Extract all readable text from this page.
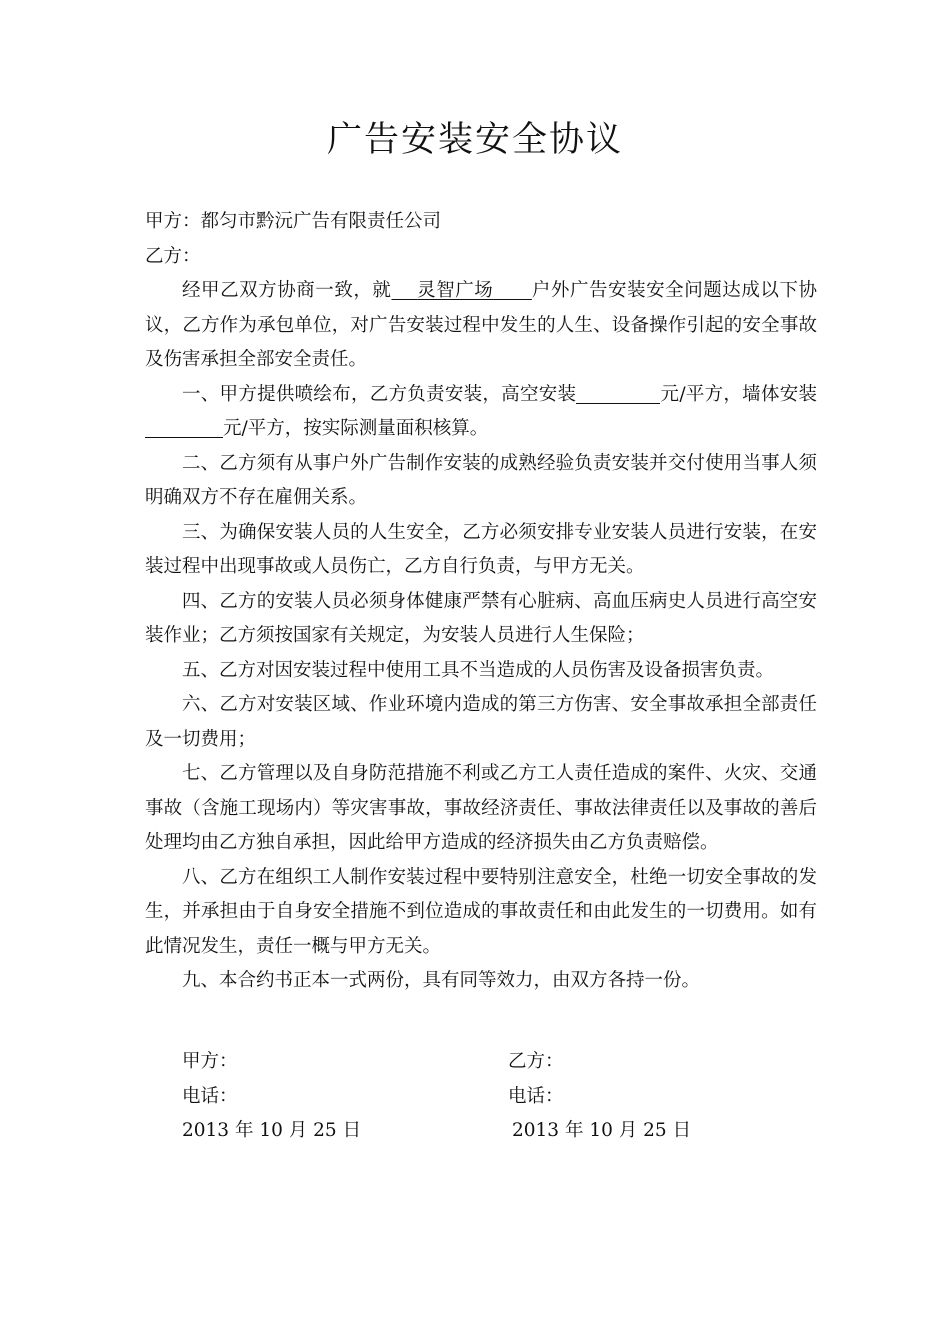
广告安装安全协议
甲方：都匀市黔沅广告有限责任公司
乙方：
经甲乙双方协商一致，就 灵智广场 户外广告安装安全问题达成以下协议，乙方作为承包单位，对广告安装过程中发生的人生、设备操作引起的安全事故及伤害承担全部安全责任。
一、甲方提供喷绘布，乙方负责安装，高空安装	元/平方，墙体安装元/平方，按实际测量面积核算。
二、乙方须有从事户外广告制作安装的成熟经验负责安装并交付使用当事人须明确双方不存在雇佣关系。
三、为确保安装人员的人生安全，乙方必须安排专业安装人员进行安装，在安装过程中出现事故或人员伤亡，乙方自行负责，与甲方无关。
四、乙方的安装人员必须身体健康严禁有心脏病、高血压病史人员进行高空安装作业；乙方须按国家有关规定，为安装人员进行人生保险；
五、乙方对因安装过程中使用工具不当造成的人员伤害及设备损害负责。
六、乙方对安装区域、作业环境内造成的第三方伤害、安全事故承担全部责任及一切费用；
七、乙方管理以及自身防范措施不利或乙方工人责任造成的案件、火灾、交通事故（含施工现场内）等灾害事故，事故经济责任、事故法律责任以及事故的善后处理均由乙方独自承担，因此给甲方造成的经济损失由乙方负责赔偿。
八、乙方在组织工人制作安装过程中要特别注意安全，杜绝一切安全事故的发生，并承担由于自身安全措施不到位造成的事故责任和由此发生的一切费用。如有此情况发生，责任一概与甲方无关。
九、本合约书正本一式两份，具有同等效力，由双方各持一份。
甲方：
电话：
2013 年 10 月 25 日
乙方：
电话：
2013 年 10 月 25 日
